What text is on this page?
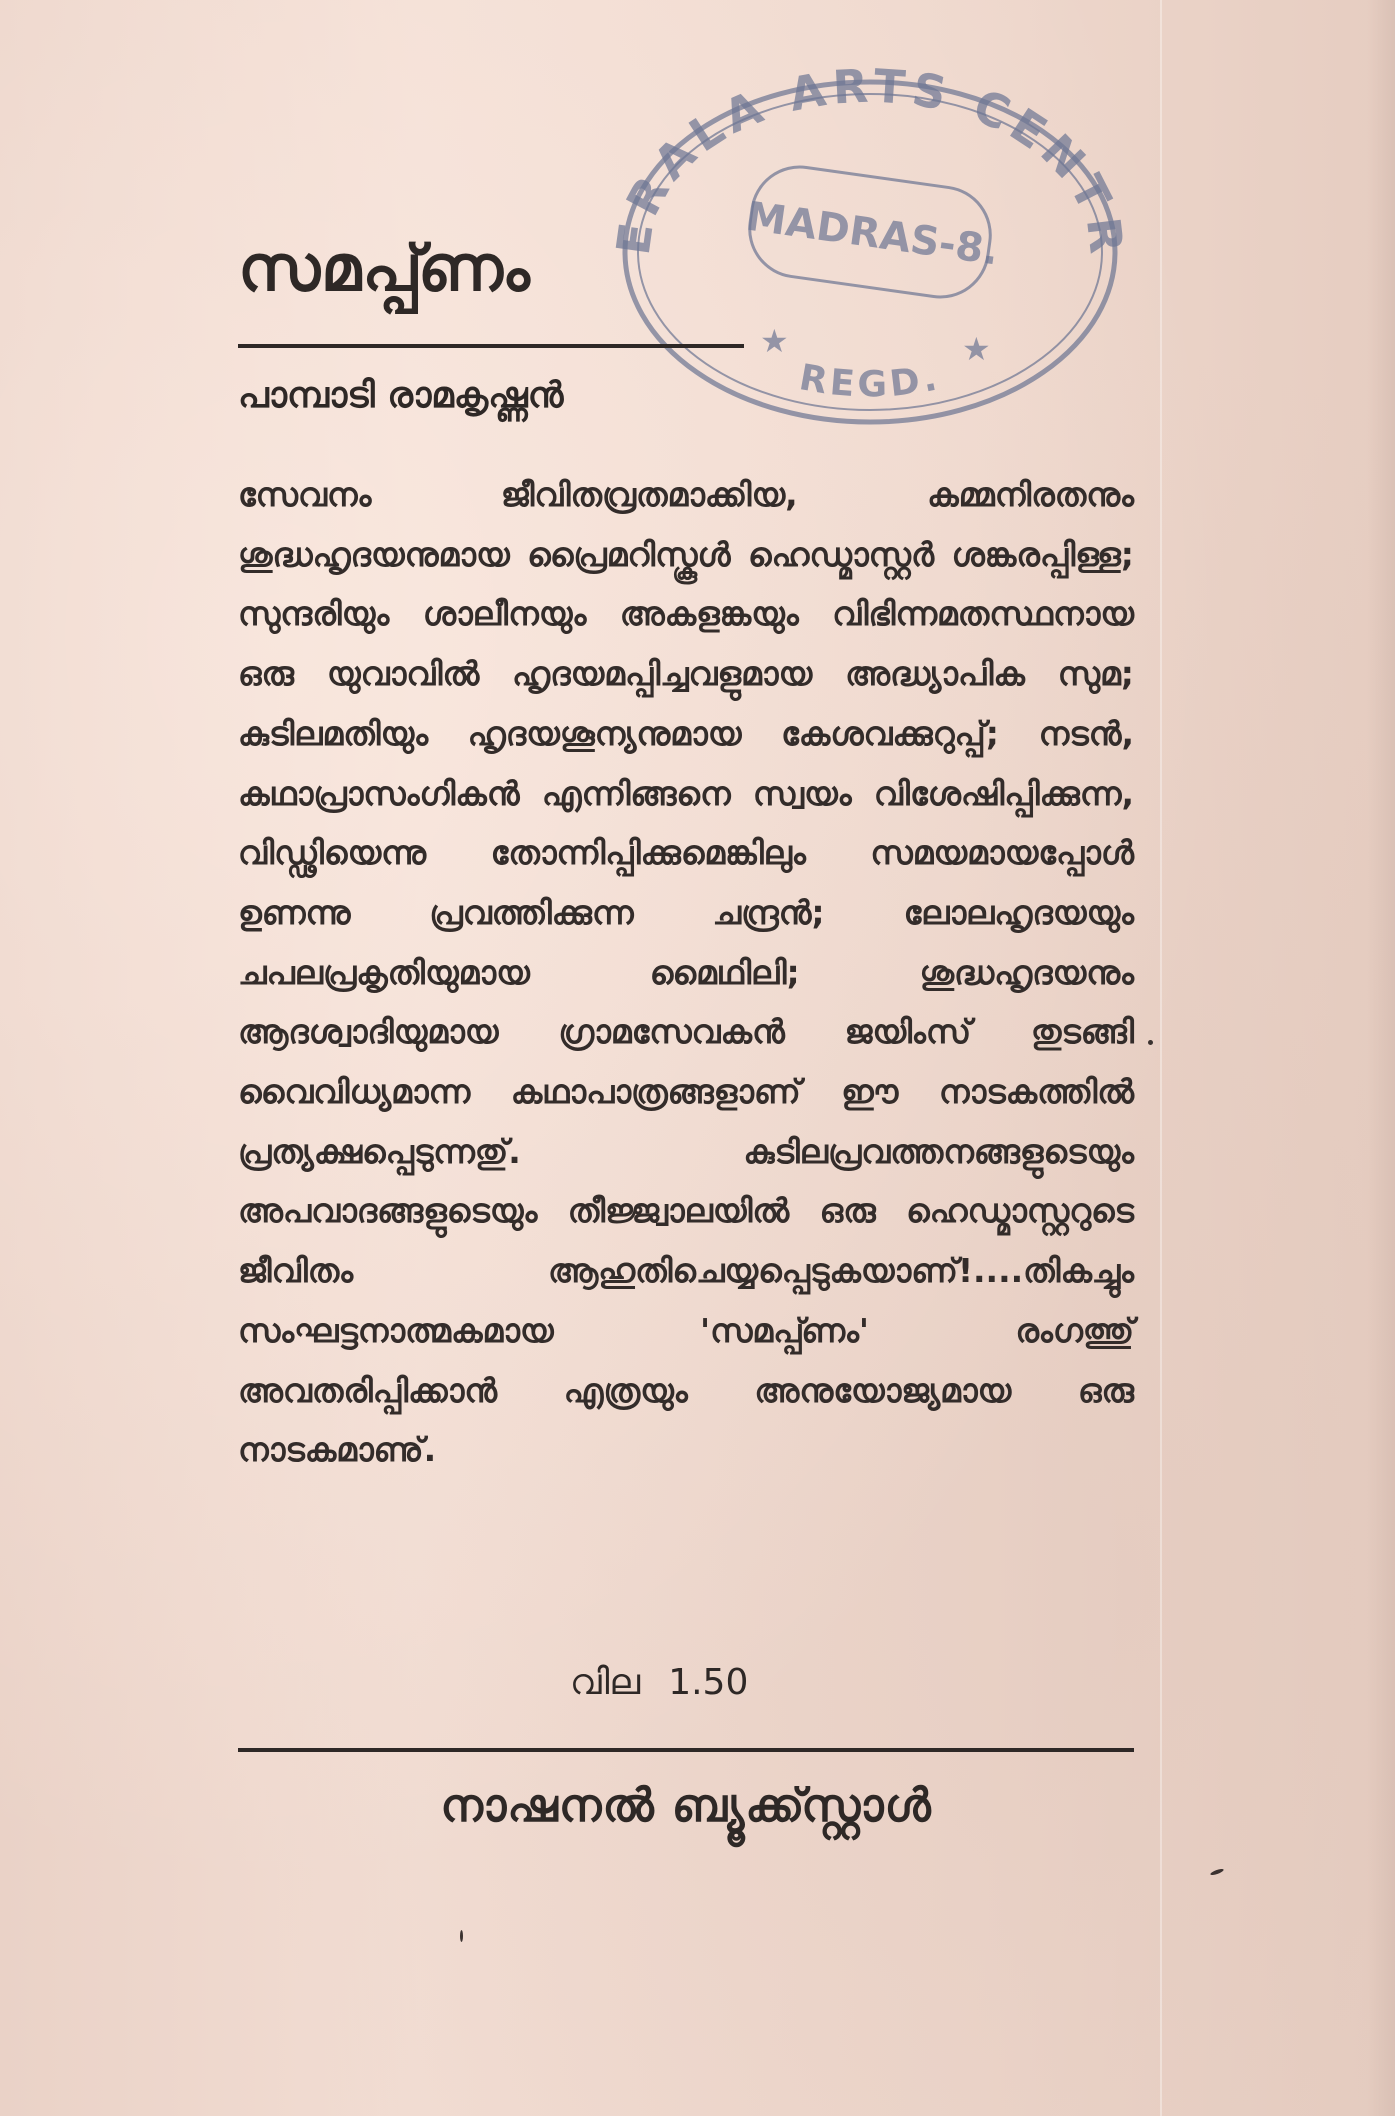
ERALA ARTS CENTR
MADRAS-8.
REGD.
★	★
സമപ്പ്ണം
പാമ്പാടി രാമകൃഷ്ണൻ

സേവനം ജീവിതവ്രതമാക്കിയ, കമ്മനിരതനും ശുദ്ധഹൃദയനുമായ പ്രൈമറിസ്കൂൾ ഹെഡ്മാസ്റ്റർ ശങ്കരപ്പിള്ള; സുന്ദരിയും ശാലീനയും അകളങ്കയും വിഭിന്നമതസ്ഥനായ ഒരു യുവാവിൽ ഹൃദയമപ്പിച്ചവളുമായ അദ്ധ്യാപിക സുമ; കുടിലമതിയും ഹൃദയശൂന്യനുമായ കേശവക്കുറുപ്പ്; നടൻ, കഥാപ്രാസംഗികൻ എന്നിങ്ങനെ സ്വയം വിശേഷിപ്പിക്കുന്ന, വിഡ്ഢിയെന്നു തോന്നിപ്പിക്കുമെങ്കിലും സമയമായപ്പോൾ ഉണന്നു പ്രവത്തിക്കുന്ന ചന്ദ്രൻ; ലോലഹൃദയയും ചപലപ്രകൃതിയുമായ മൈഥിലി; ശുദ്ധഹൃദയനും ആദശ്വാദിയുമായ ഗ്രാമസേവകൻ ജയിംസ് തുടങ്ങി വൈവിധ്യമാന്ന കഥാപാത്രങ്ങളാണ് ഈ നാടകത്തിൽ പ്രത്യക്ഷപ്പെടുന്നതു്. കുടിലപ്രവത്തനങ്ങളുടെയും അപവാദങ്ങളുടെയും തീജ്ജ്വാലയിൽ ഒരു ഹെഡ്മാസ്റ്ററുടെ ജീവിതം ആഹുതിചെയ്യപ്പെടുകയാണ്!....തികച്ചും സംഘട്ടനാത്മകമായ 'സമപ്പ്ണം' രംഗത്തു് അവതരിപ്പിക്കാൻ എത്രയും അനുയോജ്യമായ ഒരു നാടകമാണു്.

വില 1.50
നാഷനൽ ബ്യൂക്ക്സ്റ്റാൾ
